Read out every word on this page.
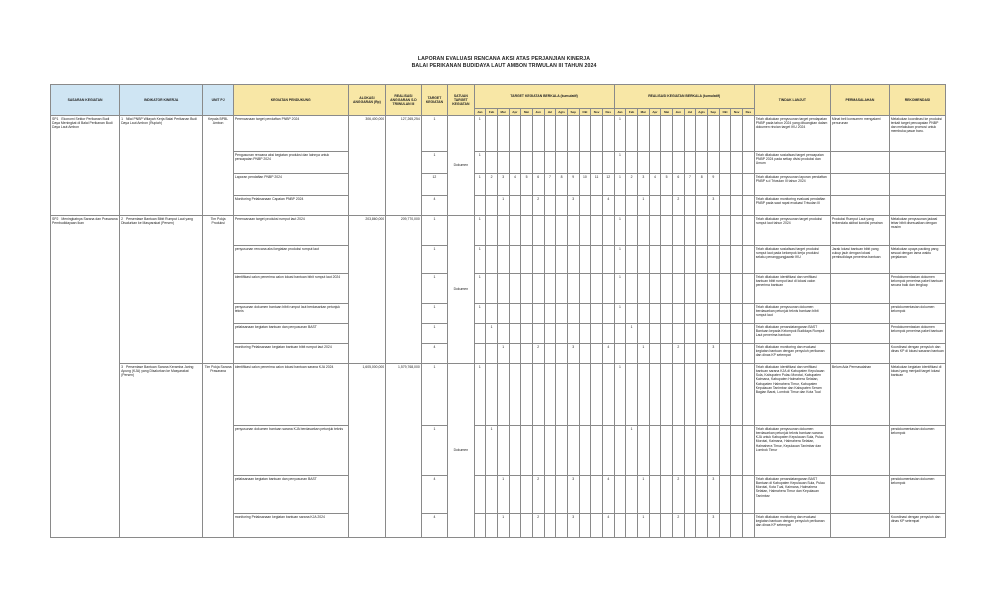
LAPORAN EVALUASI RENCANA AKSI ATAS PERJANJIAN KINERJA
BALAI PERIKANAN BUDIDAYA LAUT AMBON TRIWULAN III TAHUN 2024
SASARAN KEGIATAN	INDIKATOR KINERJA	UNIT PJ	KEGIATAN PENDUKUNG	ALOKASI ANGGARAN (Rp)	REALISASI ANGGARAN S.D TRIWULAN III	TARGET KEGIATAN	SATUAN TARGET KEGIATAN	TARGET KEGIATAN BERKALA (kumulatif)												REALISASI KEGIATAN BERKALA (kumulatif)												TINDAK LANJUT	PERMASALAHAN	REKOMENDASI
								Jan	Feb	Mar	Apr	Mei	Jun	Jul	Agts	Sep	Okt	Nov	Des	Jan	Feb	Mar	Apr	Mei	Jun	Jul	Agts	Sep	Okt	Nov	Des			
SP1 Ekonomi Sektor Perikanan Budi Daya Meningkat di Balai Perikanan Budi Daya Laut Ambon	1 Nilai PNBP Wilayah Kerja Balai Perikanan Budi Daya Laut Ambon (Rupiah)	Kepala BPBL Ambon	Perencanaan target pendaftan PNBP 2024	306,400,000	127,265,254	1	Dokumen	1												1												Telah dilakukan penyusunan target pendapatan PNBP pada tahun 2024 yang dituangkan dalam dokumen rincian target IKU 2024	Minat beli konsumen mengalami penurunan	Melakukan koordinasi ke produksi terkait target pencapaian PNBP dan melakukan promosi untuk membuka pasar baru.
			Pengusunan rencana aksi kegiatan produksi dan lainnya untuk pencapaian PNBP 2024			1		1												1												Telah dilakukan sosialisasi target pencapaian PNBP 2024 pada setiap divisi produksi dan Umum		
			Laporan pendaftan PNBP 2024			12		1	2	3	4	5	6	7	8	9	10	11	12	1	2	3	4	5	6	7	8	9				Telah dilakukan penyusunan laporan pendaftan PNBP s.d Triwulan III tahun 2024		
			Monitoring Pelaksanaan Capaian PNBP 2024			4				1			2			3			4			1			2			3				Telah dilakukan monitoring evaluasi pendaftan PNBP pada saat rapat evaluasi Triwulan III		
SP2 Meningkatnya Sarana dan Prasarana Pembudidayaan Ikan	2 Persentase Bantuan Bibit Rumput Laut yang Disalurkan ke Masyarakat (Persen)	Tim Pokja Produksi	Perencanaan target produksi rumput laut 2024	203,860,000	209,770,000	1	Dokumen	1												1												Telah dilakukan penyusunan target produksi rumput laut tahun 2024	Produksi Rumput Laut yang terkendala akibat kondisi perairan	Melakukan penyusunan jadwal tebar bibit disesuaikan dengan musim
			penyusunan rencana aksi kegiatan produksi rumput laut			1		1												1												Telah dilakukan sosialisasi target produksi rumput laut pada kelompok kerja produksi selaku penanggungjawab IKU	Jarak lokasi bantuan bibit yang cukup jauh dengan lokasi pembudidaya penerima bantuan	Melakukan upaya packing yang sesuai dengan lama waktu perjalanan
			identifikasi calon penerima calon lokasi bantuan bibit rumput laut 2024			1		1												1												Telah dilakukan identifikasi dan verifikasi bantuan bibit rumput laut di lokasi calon penerima bantuan		Pendokumentasian dokumen kelompok penerima paket bantuan secara baik dan lengkap
			penyusunan dokumen bantuan bibit rumput laut berdasarkan petunjuk teknis			1		1												1												Telah dilakukan penyusunan dokumen berdasarkan petunjuk teknis bantuan bibit rumput laut		pendokumentasian dokumen kelompok
			pelaksanaan kegiatan bantuan dan penyusunan BAST			1			1												1											Telah dilakukan penandatanganan BAST Bantuan kepada Kelompok Budidaya Rumput Laut penerima bantuan		Pendokumentasian dokumen kelompok penerima paket bantuan
			monitoring Pelaksanaan kegiatan bantuan bibit rumput laut 2024			4				1			2			3			4			1			2			3				Telah dilakukan monitoring dan evaluasi kegiatan bantuan dengan penyuluh perikanan dan dinas KP setempat		Koordinasi dengan penyuluh dan dinas KP di lokasi sasaran bantuan
	3 Persentase Bantuan Sarana Keramba Jaring Apung (KJA) yang Disalurkan ke Masyarakat (Persen)	Tim Pokja Sarana Prasarana	identifikasi calon penerima calon lokasi bantuan sarana KJA 2024	1,605,000,000	1,579,768,000	1	Dokumen	1												1												Telah dilakukan identifikasi dan verifikasi bantuan sarana KJA di Kabupaten Kepulauan Sula, Kabupaten Pulau Morotai, Kabupaten Kaimana, Kabupaten Halmahera Selatan, Kabupaten Halmahera Timur, Kabupaten Kepulauan Tanimbar dan Kabupaten Seram Bagian Barat, Lombok Timur dan Kota Tual	Belum Ada Permasalahan	Melakukan kegiatan identifikasi di lokasi yang menjadi target lokasi bantuan
			penyusunan dokumen bantuan sarana KJA berdasarkan petunjuk teknis			1			1												1											Telah dilakukan penyusunan dokumen berdasarkan petunjuk teknis bantuan sarana KJA untuk Kabupaten Kepulauan Sula, Pulau Morotai, Kaimana, Halmahera Selatan, Halmahera Timur, Kepulauan Tanimbar dan Lombok Timur		pendokumentasian dokumen kelompok
			pelaksanaan kegiatan bantuan dan penyusunan BAST			4				1			2			3			4			1			2			3				Telah dilakukan penandatanganan BAST Bantuan di Kabupaten Kepulauan Sula, Pulau Morotai, Kota Tual, Kaimana, Halmahera Selatan, Halmahera Timur dan Kepulauan Tanimbar		pendokumentasian dokumen kelompok
			monitoring Pelaksanaan kegiatan bantuan sarana KJA 2024			4				1			2			3			4			1			2			3				Telah dilakukan monitoring dan evaluasi kegiatan bantuan dengan penyuluh perikanan dan dinas KP setempat		Koordinasi dengan penyuluh dan dinas KP setempat
